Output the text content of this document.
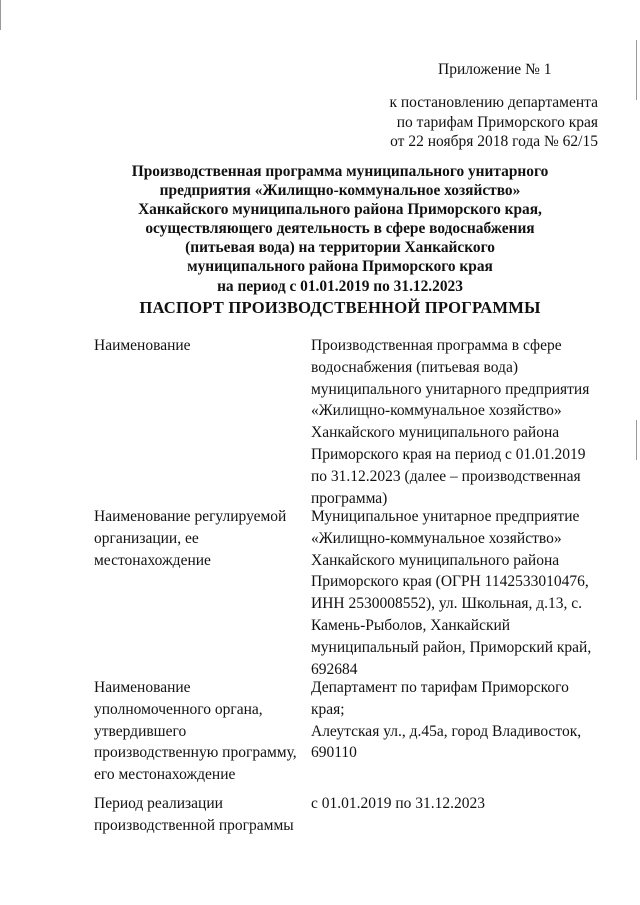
Приложение № 1
к постановлению департамента
по тарифам Приморского края
от 22 ноября 2018 года № 62/15
Производственная программа муниципального унитарного
предприятия «Жилищно-коммунальное хозяйство»
Ханкайского муниципального района Приморского края,
осуществляющего деятельность в сфере водоснабжения
(питьевая вода) на территории Ханкайского
муниципального района Приморского края
на период с 01.01.2019 по 31.12.2023
ПАСПОРТ ПРОИЗВОДСТВЕННОЙ ПРОГРАММЫ
Наименование	Производственная программа в сфере
водоснабжения (питьевая вода)
муниципального унитарного предприятия
«Жилищно-коммунальное хозяйство»
Ханкайского муниципального района
Приморского края на период с 01.01.2019
по 31.12.2023 (далее – производственная
программа)
Наименование регулируемой
организации, ее
местонахождение
Муниципальное унитарное предприятие
«Жилищно-коммунальное хозяйство»
Ханкайского муниципального района
Приморского края (ОГРН 1142533010476,
ИНН 2530008552), ул. Школьная, д.13, с.
Камень-Рыболов, Ханкайский
муниципальный район, Приморский край,
692684
Наименование
уполномоченного органа,
утвердившего
производственную программу,
его местонахождение
Департамент по тарифам Приморского
края;
Алеутская ул., д.45а, город Владивосток,
690110
Период реализации
производственной программы
с 01.01.2019 по 31.12.2023
